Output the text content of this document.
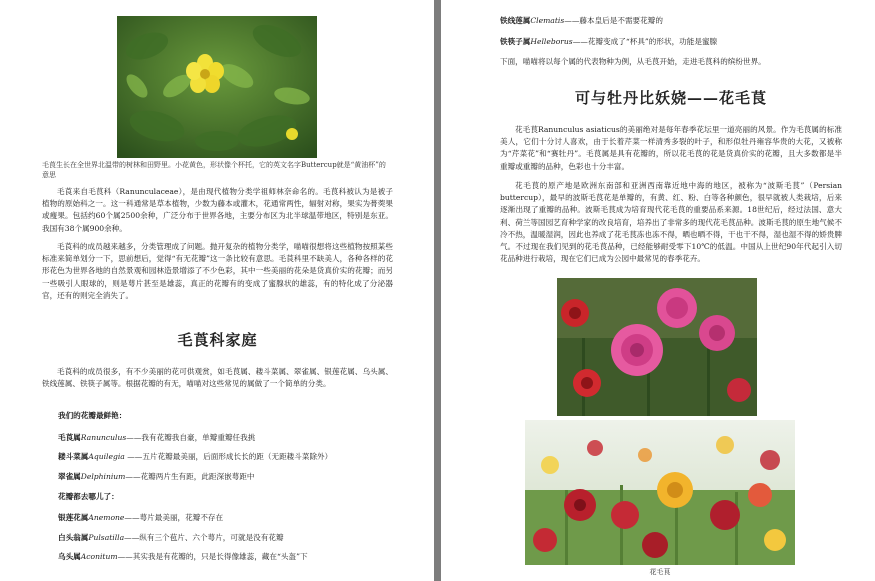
毛莨生长在全世界北温带的树林和田野里。小花黄色，形状像个杯托，它的英文名字Buttercup就是“黄油杯”的意思

毛莨来自毛茛科（Ranunculaceae），是由现代植物分类学祖师林奈命名的。毛茛科被认为是被子植物的原始科之一。这一科通常是草本植物，少数为藤本或灌木，花通常两性，辐射对称，果实为蓇葖果或瘦果。包括约60个属2500余种，广泛分布于世界各地，主要分布区为北半球温带地区，特别是东亚。我国有38个属900余种。

毛莨科的成员越来越多，分类管理成了问题。抛开复杂的植物分类学，喵喵很想将这些植物按照某些标准来简单划分一下，思前想后，觉得“有无花瓣”这一条比较有意思。毛莨科里不缺美人，各种各样的花形花色为世界各地的自然景观和园林造景增添了不少色彩，其中一些美丽的花朵是货真价实的花瓣；而另一些吸引人眼球的，则是萼片甚至是雄蕊，真正的花瓣有的变成了蜜腺状的雄蕊，有的特化成了分泌器官，还有的则完全消失了。

毛莨科家庭

毛莨科的成员很多，有不少美丽的花可供观赏，如毛茛属、耧斗菜属、翠雀属、银莲花属、乌头属、铁线莲属、铁筷子属等。根据花瓣的有无，喵喵对这些常见的属做了一个简单的分类。

我们的花瓣最鲜艳：

毛莨属Ranunculus——我有花瓣我自豪，单瓣重瓣任我挑

耧斗菜属Aquilegia ——五片花瓣最美丽，后面形成长长的距（无距耧斗菜除外）

翠雀属Delphinium——花瓣两片生有距，此距深嵌萼距中

花瓣都去哪儿了：

银莲花属Anemone——萼片最美丽，花瓣不存在

白头翁属Pulsatilla——纵有三个苞片、六个萼片，可就是没有花瓣

乌头属Aconitum——其实我是有花瓣的，只是长得像雄蕊，藏在“头盔”下

铁线莲属Clematis——藤本皇后是不需要花瓣的

铁筷子属Helleborus——花瓣变成了“杯具”的形状，功能是蜜腺

下面，喵喵将以每个属的代表物种为例，从毛茛开始，走进毛茛科的缤纷世界。

可与牡丹比妖娆——花毛茛

花毛茛Ranunculus asiaticus的美丽绝对是每年春季花坛里一道亮丽的风景。作为毛茛属的标准美人，它们十分讨人喜欢，由于长着芹菜一样清秀多裂的叶子，和形似牡丹雍容华贵的大花，又被称为“芹菜花”和“赛牡丹”。毛茛属是具有花瓣的，所以花毛茛的花是货真价实的花瓣，且大多数都是半重瓣或重瓣的品种，色彩也十分丰富。

花毛茛的原产地是欧洲东南部和亚洲西南靠近地中海的地区，被称为“波斯毛茛”（Persian buttercup），最早的波斯毛茛花是单瓣的，有黄、红、粉、白等各种颜色，很早就被人类栽培，后来逐渐出现了重瓣的品种。波斯毛茛成为培育现代花毛茛的重要品系来源。18世纪后，经过法国、意大利、荷兰等国园艺育种学家的改良培育，培养出了非常多的现代花毛茛品种。波斯毛茛的原生地气候不冷不热，温暖湿润，因此也养成了花毛茛冻也冻不得，晒也晒不得，干也干不得，湿也湿不得的娇贵脾气。不过现在我们见到的花毛茛品种，已经能够耐受零下10℃的低温。中国从上世纪90年代起引入切花品种进行栽培，现在它们已成为公园中最常见的春季花卉。

花毛茛
